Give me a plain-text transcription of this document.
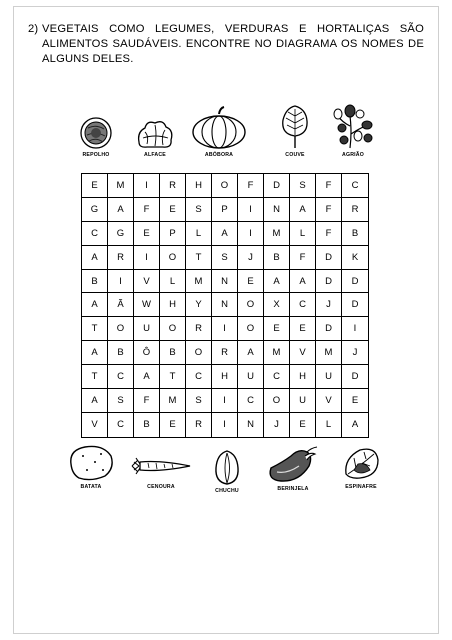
2) VEGETAIS COMO LEGUMES, VERDURAS E HORTALIÇAS SÃO ALIMENTOS SAUDÁVEIS. ENCONTRE NO DIAGRAMA OS NOMES DE ALGUNS DELES.
REPOLHO	ALFACE	ABÓBORA	COUVE	AGRIÃO
E	M	I	R	H	O	F	D	S	F	C
G	A	F	E	S	P	I	N	A	F	R
C	G	E	P	L	A	I	M	L	F	B
A	R	I	O	T	S	J	B	F	D	K
B	I	V	L	M	N	E	A	A	D	D
A	Ã	W	H	Y	N	O	X	C	J	D
T	O	U	O	R	I	O	E	E	D	I
A	B	Ô	B	O	R	A	M	V	M	J
T	C	A	T	C	H	U	C	H	U	D
A	S	F	M	S	I	C	O	U	V	E
V	C	B	E	R	I	N	J	E	L	A
BATATA	CENOURA
CHUCHU	BERINJELA	ESPINAFRE
